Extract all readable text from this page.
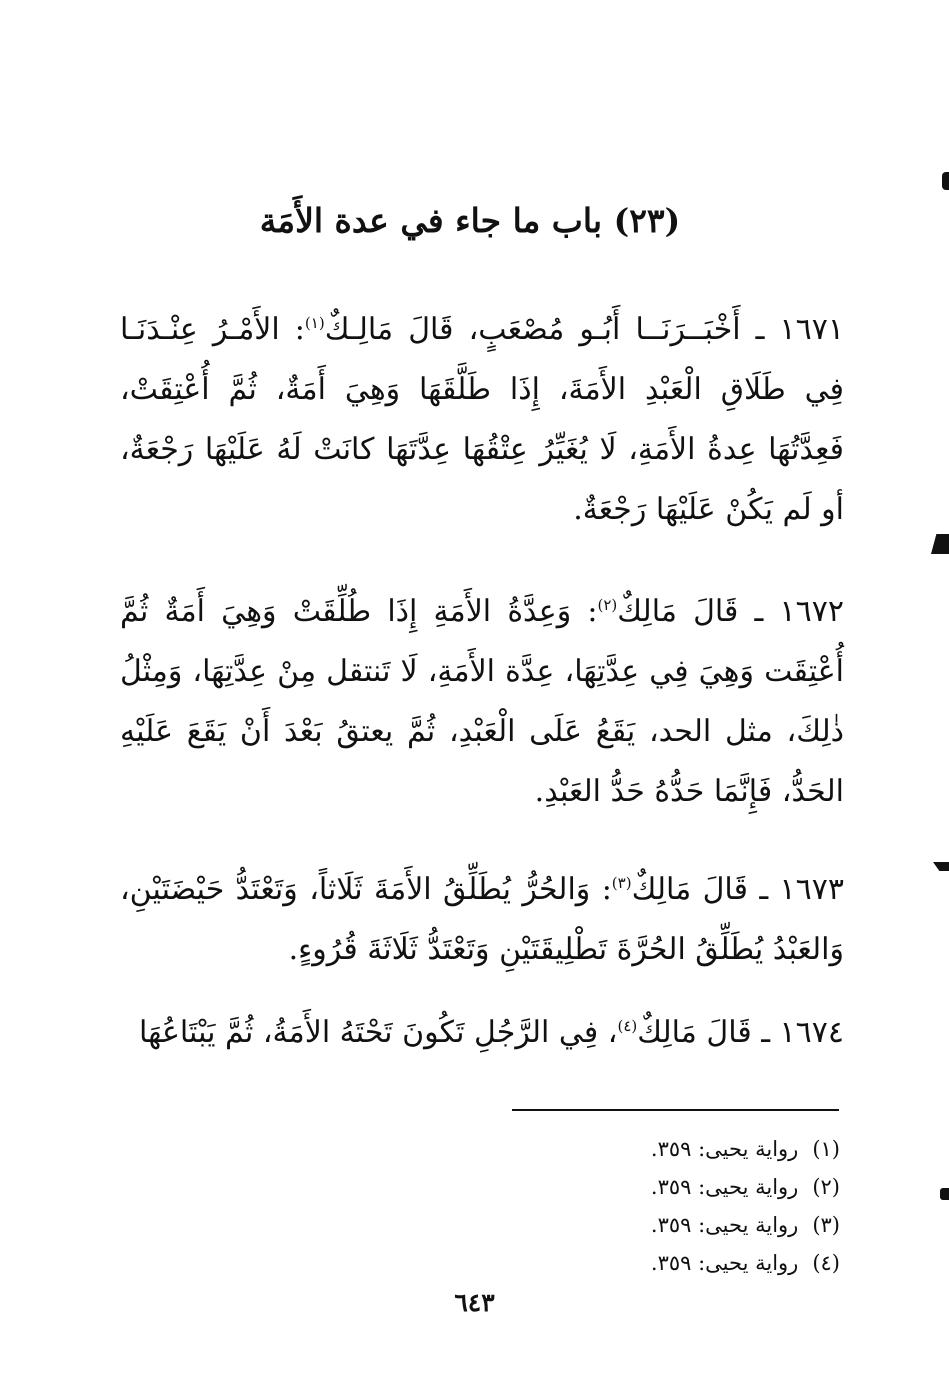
(٢٣) باب ما جاء في عدة الأَمَة
١٦٧١ ـ أَخْبَــرَنَــا أَبُـو مُصْعَبٍ، قَالَ مَالِـكٌ$^{(١)}$: الأَمْـرُ عِنْـدَنَـا فِي طَلَاقِ الْعَبْدِ الأَمَةَ، إِذَا طَلَّقَهَا وَهِيَ أَمَةٌ، ثُمَّ أُعْتِقَتْ، فَعِدَّتُهَا عِدةُ الأَمَةِ، لَا يُغَيِّرُ عِتْقُهَا عِدَّتَهَا كانَتْ لَهُ عَلَيْهَا رَجْعَةٌ، أو لَم يَكُنْ عَلَيْهَا رَجْعَةٌ.
١٦٧٢ ـ قَالَ مَالِكٌ$^{(٢)}$: وَعِدَّةُ الأَمَةِ إِذَا طُلِّقَتْ وَهِيَ أَمَةٌ ثُمَّ أُعْتِقَت وَهِيَ فِي عِدَّتِهَا، عِدَّة الأَمَةِ، لَا تَنتقل مِنْ عِدَّتِهَا، وَمِثْلُ ذٰلِكَ، مثل الحد، يَقَعُ عَلَى الْعَبْدِ، ثُمَّ يعتقُ بَعْدَ أَنْ يَقَعَ عَلَيْهِ الحَدُّ، فَإِنَّمَا حَدُّهُ حَدُّ العَبْدِ.
١٦٧٣ ـ قَالَ مَالِكٌ$^{(٣)}$: وَالحُرُّ يُطَلِّقُ الأَمَةَ ثَلَاثاً، وَتَعْتَدُّ حَيْضَتَيْنِ، وَالعَبْدُ يُطَلِّقُ الحُرَّةَ تَطْلِيقَتَيْنِ وَتَعْتَدُّ ثَلَاثَةَ قُرُوءٍ.
١٦٧٤ ـ قَالَ مَالِكٌ$^{(٤)}$، فِي الرَّجُلِ تَكُونَ تَحْتَهُ الأَمَةُ، ثُمَّ يَبْتَاعُهَا
(١)رواية يحيى: ٣٥٩.
(٢)رواية يحيى: ٣٥٩.
(٣)رواية يحيى: ٣٥٩.
(٤)رواية يحيى: ٣٥٩.
٦٤٣
